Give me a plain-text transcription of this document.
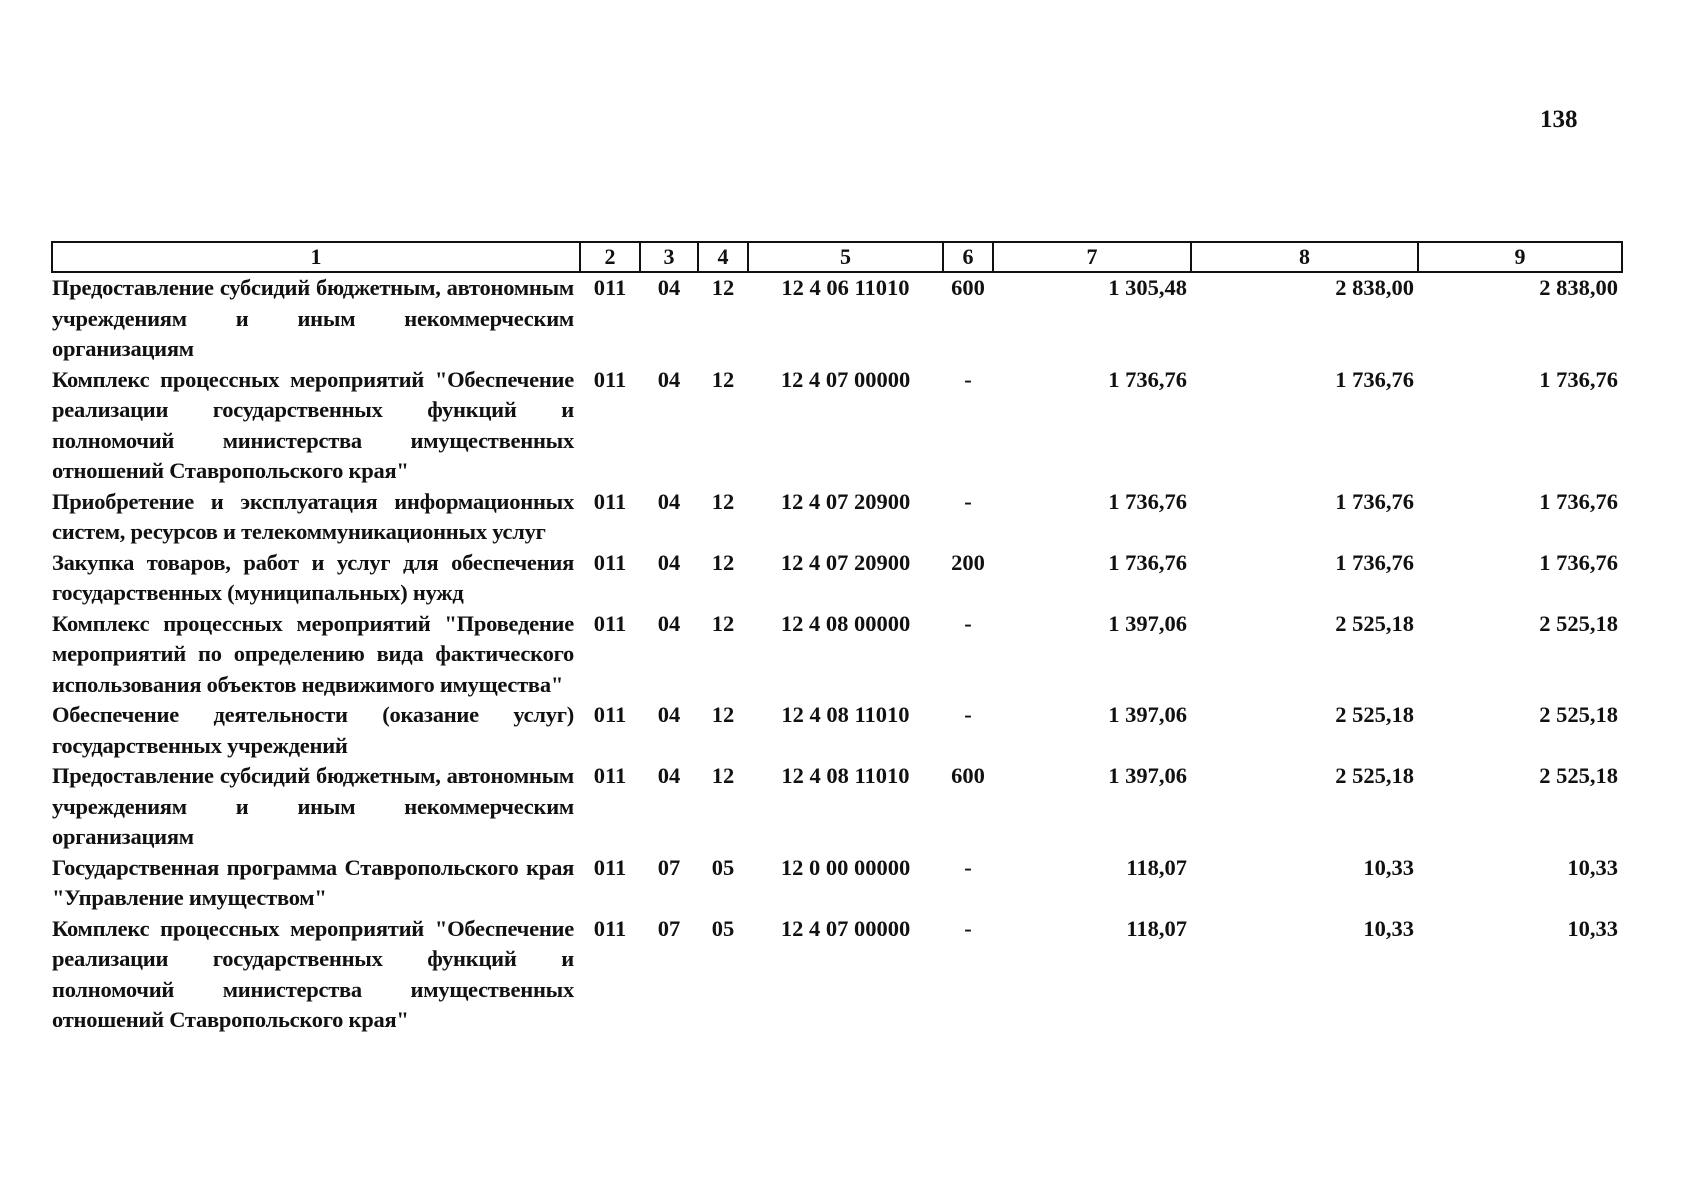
138
1	2	3	4	5	6	7	8	9
Предоставление субсидий бюджетным, автономным учреждениям и иным некоммерческим организациям	011	04	12	12 4 06 11010	600	1 305,48	2 838,00	2 838,00
Комплекс процессных мероприятий "Обеспечение реализации государственных функций и полномочий министерства имущественных отношений Ставропольского края"	011	04	12	12 4 07 00000	-	1 736,76	1 736,76	1 736,76
Приобретение и эксплуатация информационных систем, ресурсов и телекоммуникационных услуг	011	04	12	12 4 07 20900	-	1 736,76	1 736,76	1 736,76
Закупка товаров, работ и услуг для обеспечения государственных (муниципальных) нужд	011	04	12	12 4 07 20900	200	1 736,76	1 736,76	1 736,76
Комплекс процессных мероприятий "Проведение мероприятий по определению вида фактического использования объектов недвижимого имущества"	011	04	12	12 4 08 00000	-	1 397,06	2 525,18	2 525,18
Обеспечение деятельности (оказание услуг) государственных учреждений	011	04	12	12 4 08 11010	-	1 397,06	2 525,18	2 525,18
Предоставление субсидий бюджетным, автономным учреждениям и иным некоммерческим организациям	011	04	12	12 4 08 11010	600	1 397,06	2 525,18	2 525,18
Государственная программа Ставропольского края "Управление имуществом"	011	07	05	12 0 00 00000	-	118,07	10,33	10,33
Комплекс процессных мероприятий "Обеспечение реализации государственных функций и полномочий министерства имущественных отношений Ставропольского края"	011	07	05	12 4 07 00000	-	118,07	10,33	10,33
